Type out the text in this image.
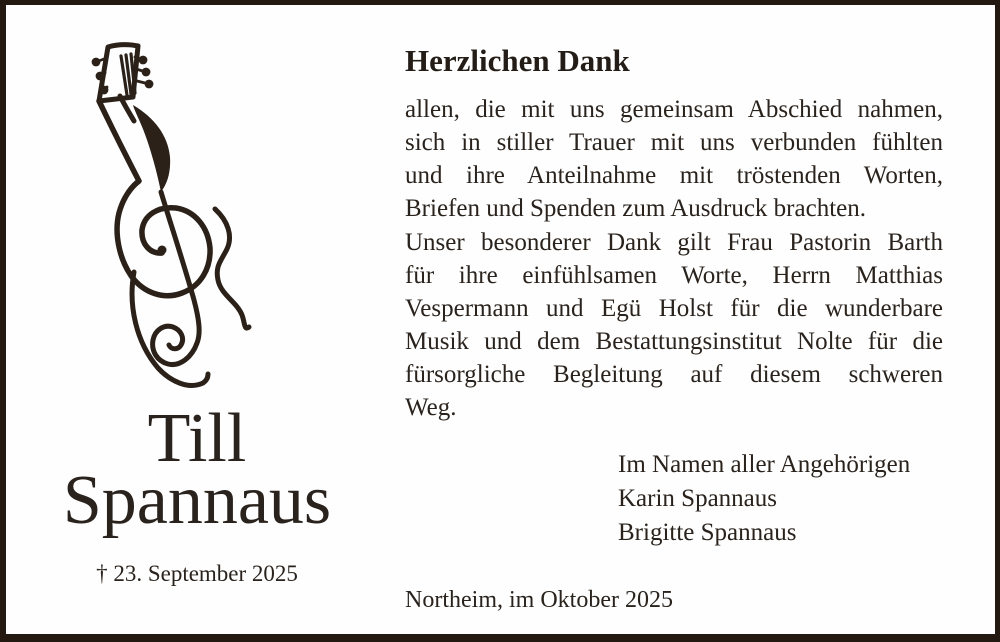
Till
Spannaus
† 23. September 2025
Herzlichen Dank
allen, die mit uns gemeinsam Abschied nahmen,
sich in stiller Trauer mit uns verbunden fühlten
und ihre Anteilnahme mit tröstenden Worten,
Briefen und Spenden zum Ausdruck brachten.
Unser besonderer Dank gilt Frau Pastorin Barth
für ihre einfühlsamen Worte, Herrn Matthias
Vespermann und Egü Holst für die wunderbare
Musik und dem Bestattungsinstitut Nolte für die
fürsorgliche Begleitung auf diesem schweren
Weg.
Im Namen aller Angehörigen
Karin Spannaus
Brigitte Spannaus
Northeim, im Oktober 2025
